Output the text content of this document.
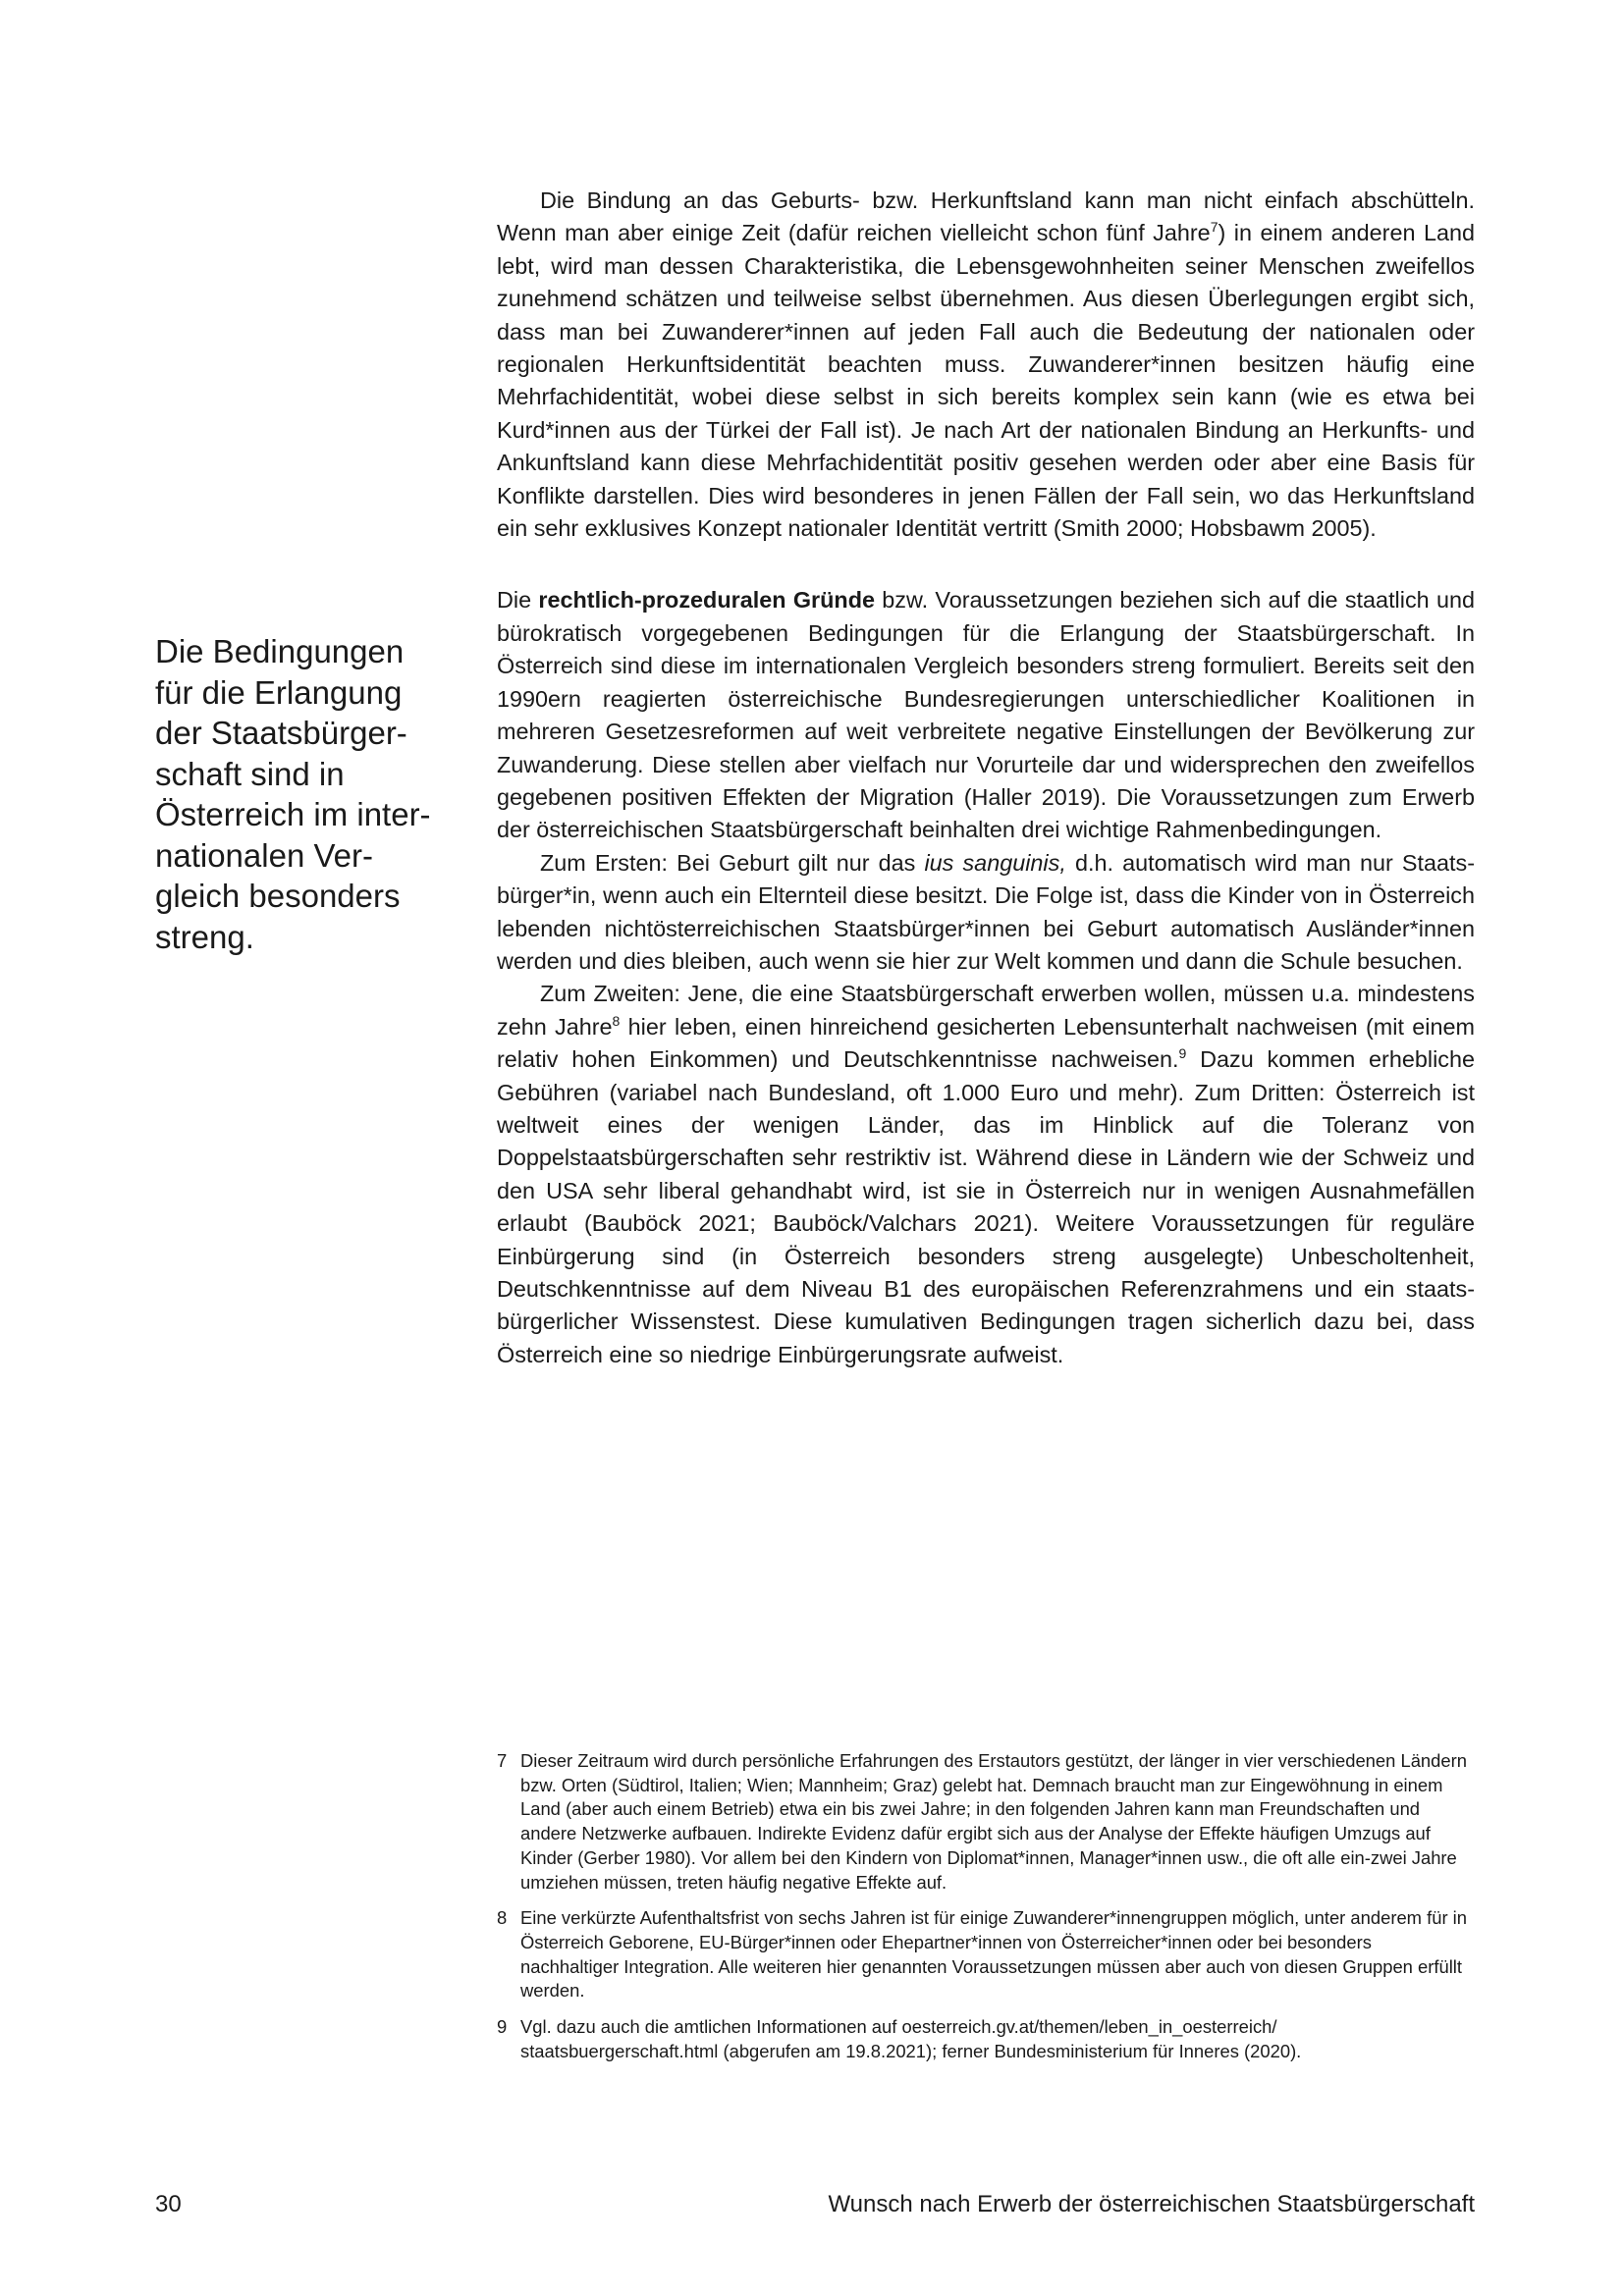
Die Bindung an das Geburts- bzw. Herkunftsland kann man nicht einfach abschütteln. Wenn man aber einige Zeit (dafür reichen vielleicht schon fünf Jahre$^7$) in einem anderen Land lebt, wird man dessen Charakteristika, die Lebensgewohnheiten seiner Menschen zweifellos zunehmend schätzen und teilweise selbst übernehmen. Aus diesen Überlegungen ergibt sich, dass man bei Zuwanderer*innen auf jeden Fall auch die Bedeutung der nationalen oder regionalen Herkunftsidentität beachten muss. Zuwanderer*innen besitzen häufig eine Mehrfachidentität, wobei diese selbst in sich bereits komplex sein kann (wie es etwa bei Kurd*innen aus der Türkei der Fall ist). Je nach Art der nationalen Bindung an Herkunfts- und Ankunftsland kann diese Mehrfachidentität positiv gesehen werden oder aber eine Basis für Konflikte darstellen. Dies wird besonderes in jenen Fällen der Fall sein, wo das Herkunftsland ein sehr exklusives Konzept nationaler Identität vertritt (Smith 2000; Hobsbawm 2005).

Die rechtlich-prozeduralen Gründe bzw. Voraussetzungen beziehen sich auf die staatlich und bürokratisch vorgegebenen Bedingungen für die Erlangung der Staatsbürgerschaft. In Österreich sind diese im internationalen Vergleich besonders streng formuliert. Bereits seit den 1990ern reagierten österreichische Bundesregierungen unterschiedlicher Koalitionen in mehreren Gesetzesreformen auf weit verbreitete negative Einstellungen der Bevölkerung zur Zuwanderung. Diese stellen aber vielfach nur Vorurteile dar und widersprechen den zweifellos gegebenen positiven Effekten der Migration (Haller 2019). Die Voraussetzungen zum Erwerb der österreichischen Staatsbürgerschaft beinhalten drei wichtige Rahmenbedingungen.

Zum Ersten: Bei Geburt gilt nur das ius sanguinis, d.h. automatisch wird man nur Staatsbürger*in, wenn auch ein Elternteil diese besitzt. Die Folge ist, dass die Kinder von in Österreich lebenden nichtösterreichischen Staatsbürger*innen bei Geburt automatisch Ausländer*innen werden und dies bleiben, auch wenn sie hier zur Welt kommen und dann die Schule besuchen.

Zum Zweiten: Jene, die eine Staatsbürgerschaft erwerben wollen, müssen u.a. mindestens zehn Jahre$^8$ hier leben, einen hinreichend gesicherten Lebensunterhalt nachweisen (mit einem relativ hohen Einkommen) und Deutschkenntnisse nachweisen.$^9$ Dazu kommen erhebliche Gebühren (variabel nach Bundesland, oft 1.000 Euro und mehr). Zum Dritten: Österreich ist weltweit eines der wenigen Länder, das im Hinblick auf die Toleranz von Doppelstaatsbürgerschaften sehr restriktiv ist. Während diese in Ländern wie der Schweiz und den USA sehr liberal gehandhabt wird, ist sie in Österreich nur in wenigen Ausnahmefällen erlaubt (Bauböck 2021; Bauböck/Valchars 2021). Weitere Voraussetzungen für reguläre Einbürgerung sind (in Österreich besonders streng ausgelegte) Unbescholtenheit, Deutschkenntnisse auf dem Niveau B1 des europäischen Referenzrahmens und ein staatsbürgerlicher Wissenstest. Diese kumulativen Bedingungen tragen sicherlich dazu bei, dass Österreich eine so niedrige Einbürgerungsrate aufweist.

Die Bedingungen
für die Erlangung
der Staatsbürger-
schaft sind in
Österreich im inter-
nationalen Ver-
gleich besonders
streng.
7 Dieser Zeitraum wird durch persönliche Erfahrungen des Erstautors gestützt, der länger in vier verschiedenen Ländern bzw. Orten (Südtirol, Italien; Wien; Mannheim; Graz) gelebt hat. Demnach braucht man zur Eingewöhnung in einem Land (aber auch einem Betrieb) etwa ein bis zwei Jahre; in den folgenden Jahren kann man Freundschaften und andere Netzwerke aufbauen. Indirekte Evidenz dafür ergibt sich aus der Analyse der Effekte häufigen Umzugs auf Kinder (Gerber 1980). Vor allem bei den Kindern von Diplomat*innen, Manager*innen usw., die oft alle ein-zwei Jahre umziehen müssen, treten häufig negative Effekte auf.
8 Eine verkürzte Aufenthaltsfrist von sechs Jahren ist für einige Zuwanderer*innengruppen möglich, unter anderem für in Österreich Geborene, EU-Bürger*innen oder Ehepartner*innen von Österreicher*innen oder bei besonders nachhaltiger Integration. Alle weiteren hier genannten Voraussetzungen müssen aber auch von diesen Gruppen erfüllt werden.
9 Vgl. dazu auch die amtlichen Informationen auf oesterreich.gv.at/themen/leben_in_oesterreich/ staatsbuergerschaft.html (abgerufen am 19.8.2021); ferner Bundesministerium für Inneres (2020).
30	Wunsch nach Erwerb der österreichischen Staatsbürgerschaft
